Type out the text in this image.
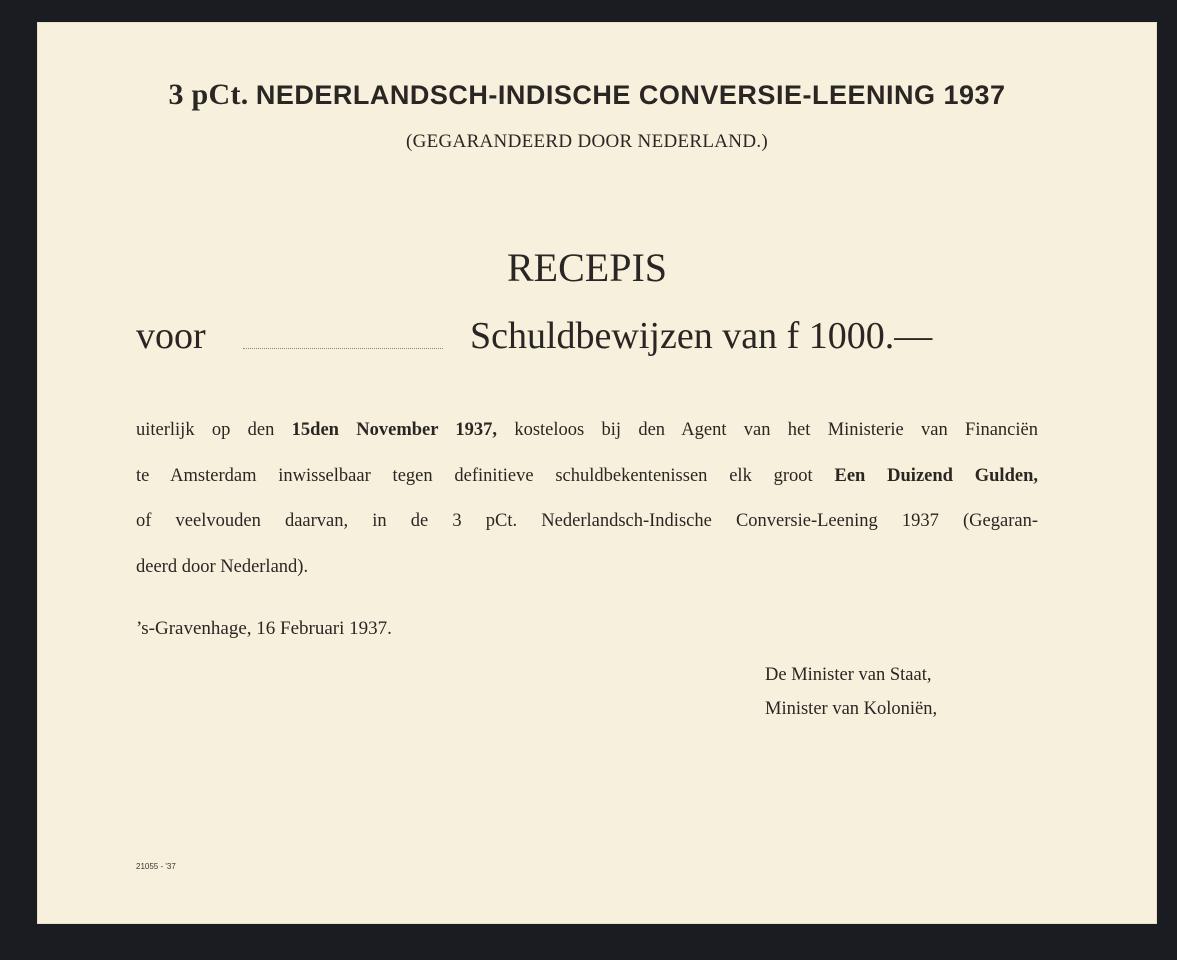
3 pCt. NEDERLANDSCH-INDISCHE CONVERSIE-LEENING 1937
(GEGARANDEERD DOOR NEDERLAND.)
RECEPIS
voor	Schuldbewijzen van f 1000.—
uiterlijk op den 15den November 1937, kosteloos bij den Agent van het Ministerie van Financiën
te Amsterdam inwisselbaar tegen definitieve schuldbekentenissen elk groot Een Duizend Gulden,
of veelvouden daarvan, in de 3 pCt. Nederlandsch-Indische Conversie-Leening 1937 (Gegaran-
deerd door Nederland).
’s-Gravenhage, 16 Februari 1937.
De Minister van Staat,
Minister van Koloniën,
21055 - '37
